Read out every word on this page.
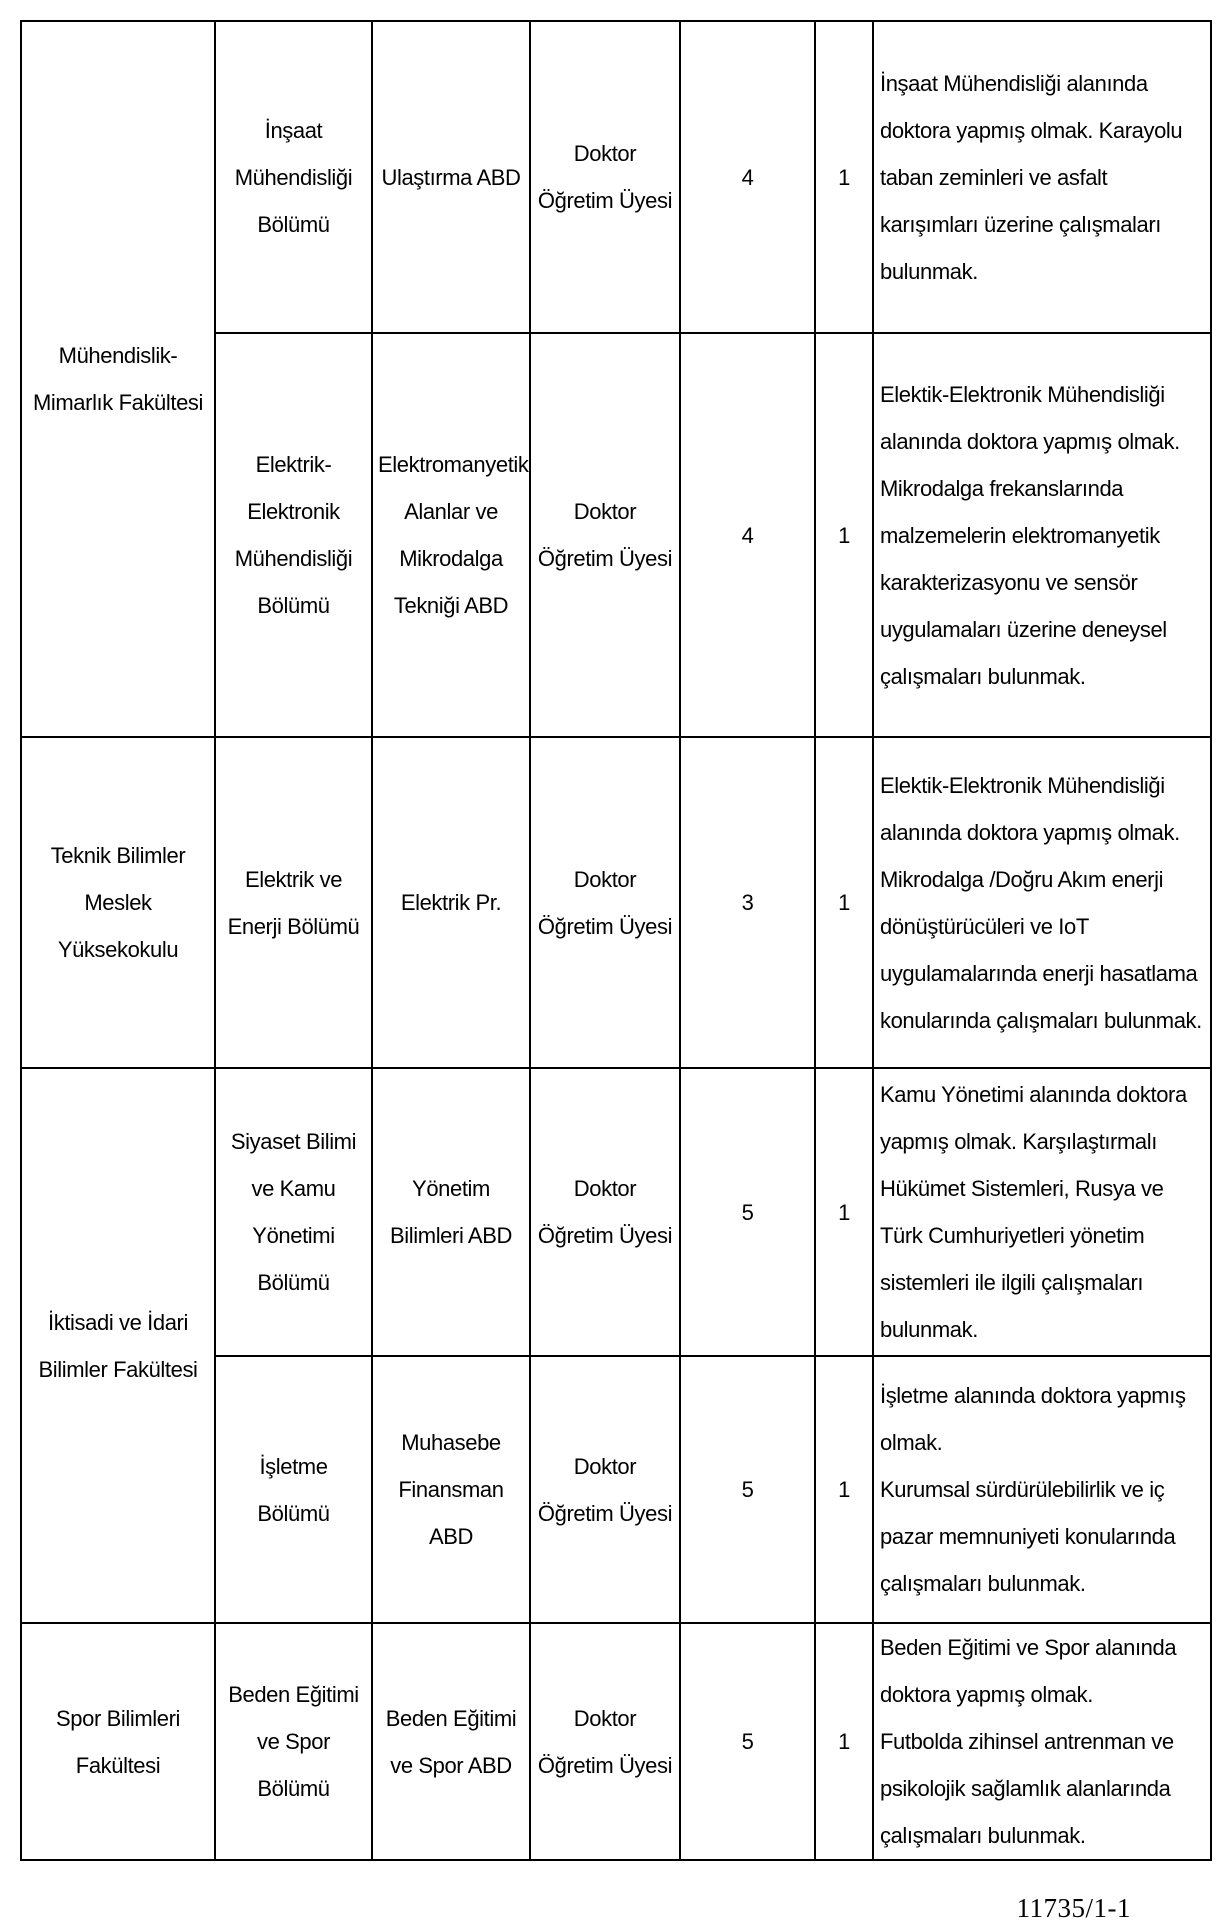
Mühendislik-Mimarlık Fakültesi	İnşaat Mühendisliği Bölümü	Ulaştırma ABD	Doktor Öğretim Üyesi	4	1	İnşaat Mühendisliği alanında doktora yapmış olmak. Karayolu taban zeminleri ve asfalt karışımları üzerine çalışmaları bulunmak.
	Elektrik-Elektronik Mühendisliği Bölümü	Elektromanyetik Alanlar ve Mikrodalga Tekniği ABD	Doktor Öğretim Üyesi	4	1	Elektik-Elektronik Mühendisliği alanında doktora yapmış olmak. Mikrodalga frekanslarında malzemelerin elektromanyetik karakterizasyonu ve sensör uygulamaları üzerine deneysel çalışmaları bulunmak.
Teknik Bilimler Meslek Yüksekokulu	Elektrik ve Enerji Bölümü	Elektrik Pr.	Doktor Öğretim Üyesi	3	1	Elektik-Elektronik Mühendisliği alanında doktora yapmış olmak. Mikrodalga /Doğru Akım enerji dönüştürücüleri ve IoT uygulamalarında enerji hasatlama konularında çalışmaları bulunmak.
İktisadi ve İdari Bilimler Fakültesi	Siyaset Bilimi ve Kamu Yönetimi Bölümü	Yönetim Bilimleri ABD	Doktor Öğretim Üyesi	5	1	Kamu Yönetimi alanında doktora yapmış olmak. Karşılaştırmalı Hükümet Sistemleri, Rusya ve Türk Cumhuriyetleri yönetim sistemleri ile ilgili çalışmaları bulunmak.
	İşletme Bölümü	Muhasebe Finansman ABD	Doktor Öğretim Üyesi	5	1	İşletme alanında doktora yapmış olmak.
Kurumsal sürdürülebilirlik ve iç pazar memnuniyeti konularında çalışmaları bulunmak.

Spor Bilimleri Fakültesi	Beden Eğitimi ve Spor Bölümü	Beden Eğitimi ve Spor ABD	Doktor Öğretim Üyesi	5	1	Beden Eğitimi ve Spor alanında doktora yapmış olmak.
Futbolda zihinsel antrenman ve psikolojik sağlamlık alanlarında çalışmaları bulunmak.
11735/1-1
